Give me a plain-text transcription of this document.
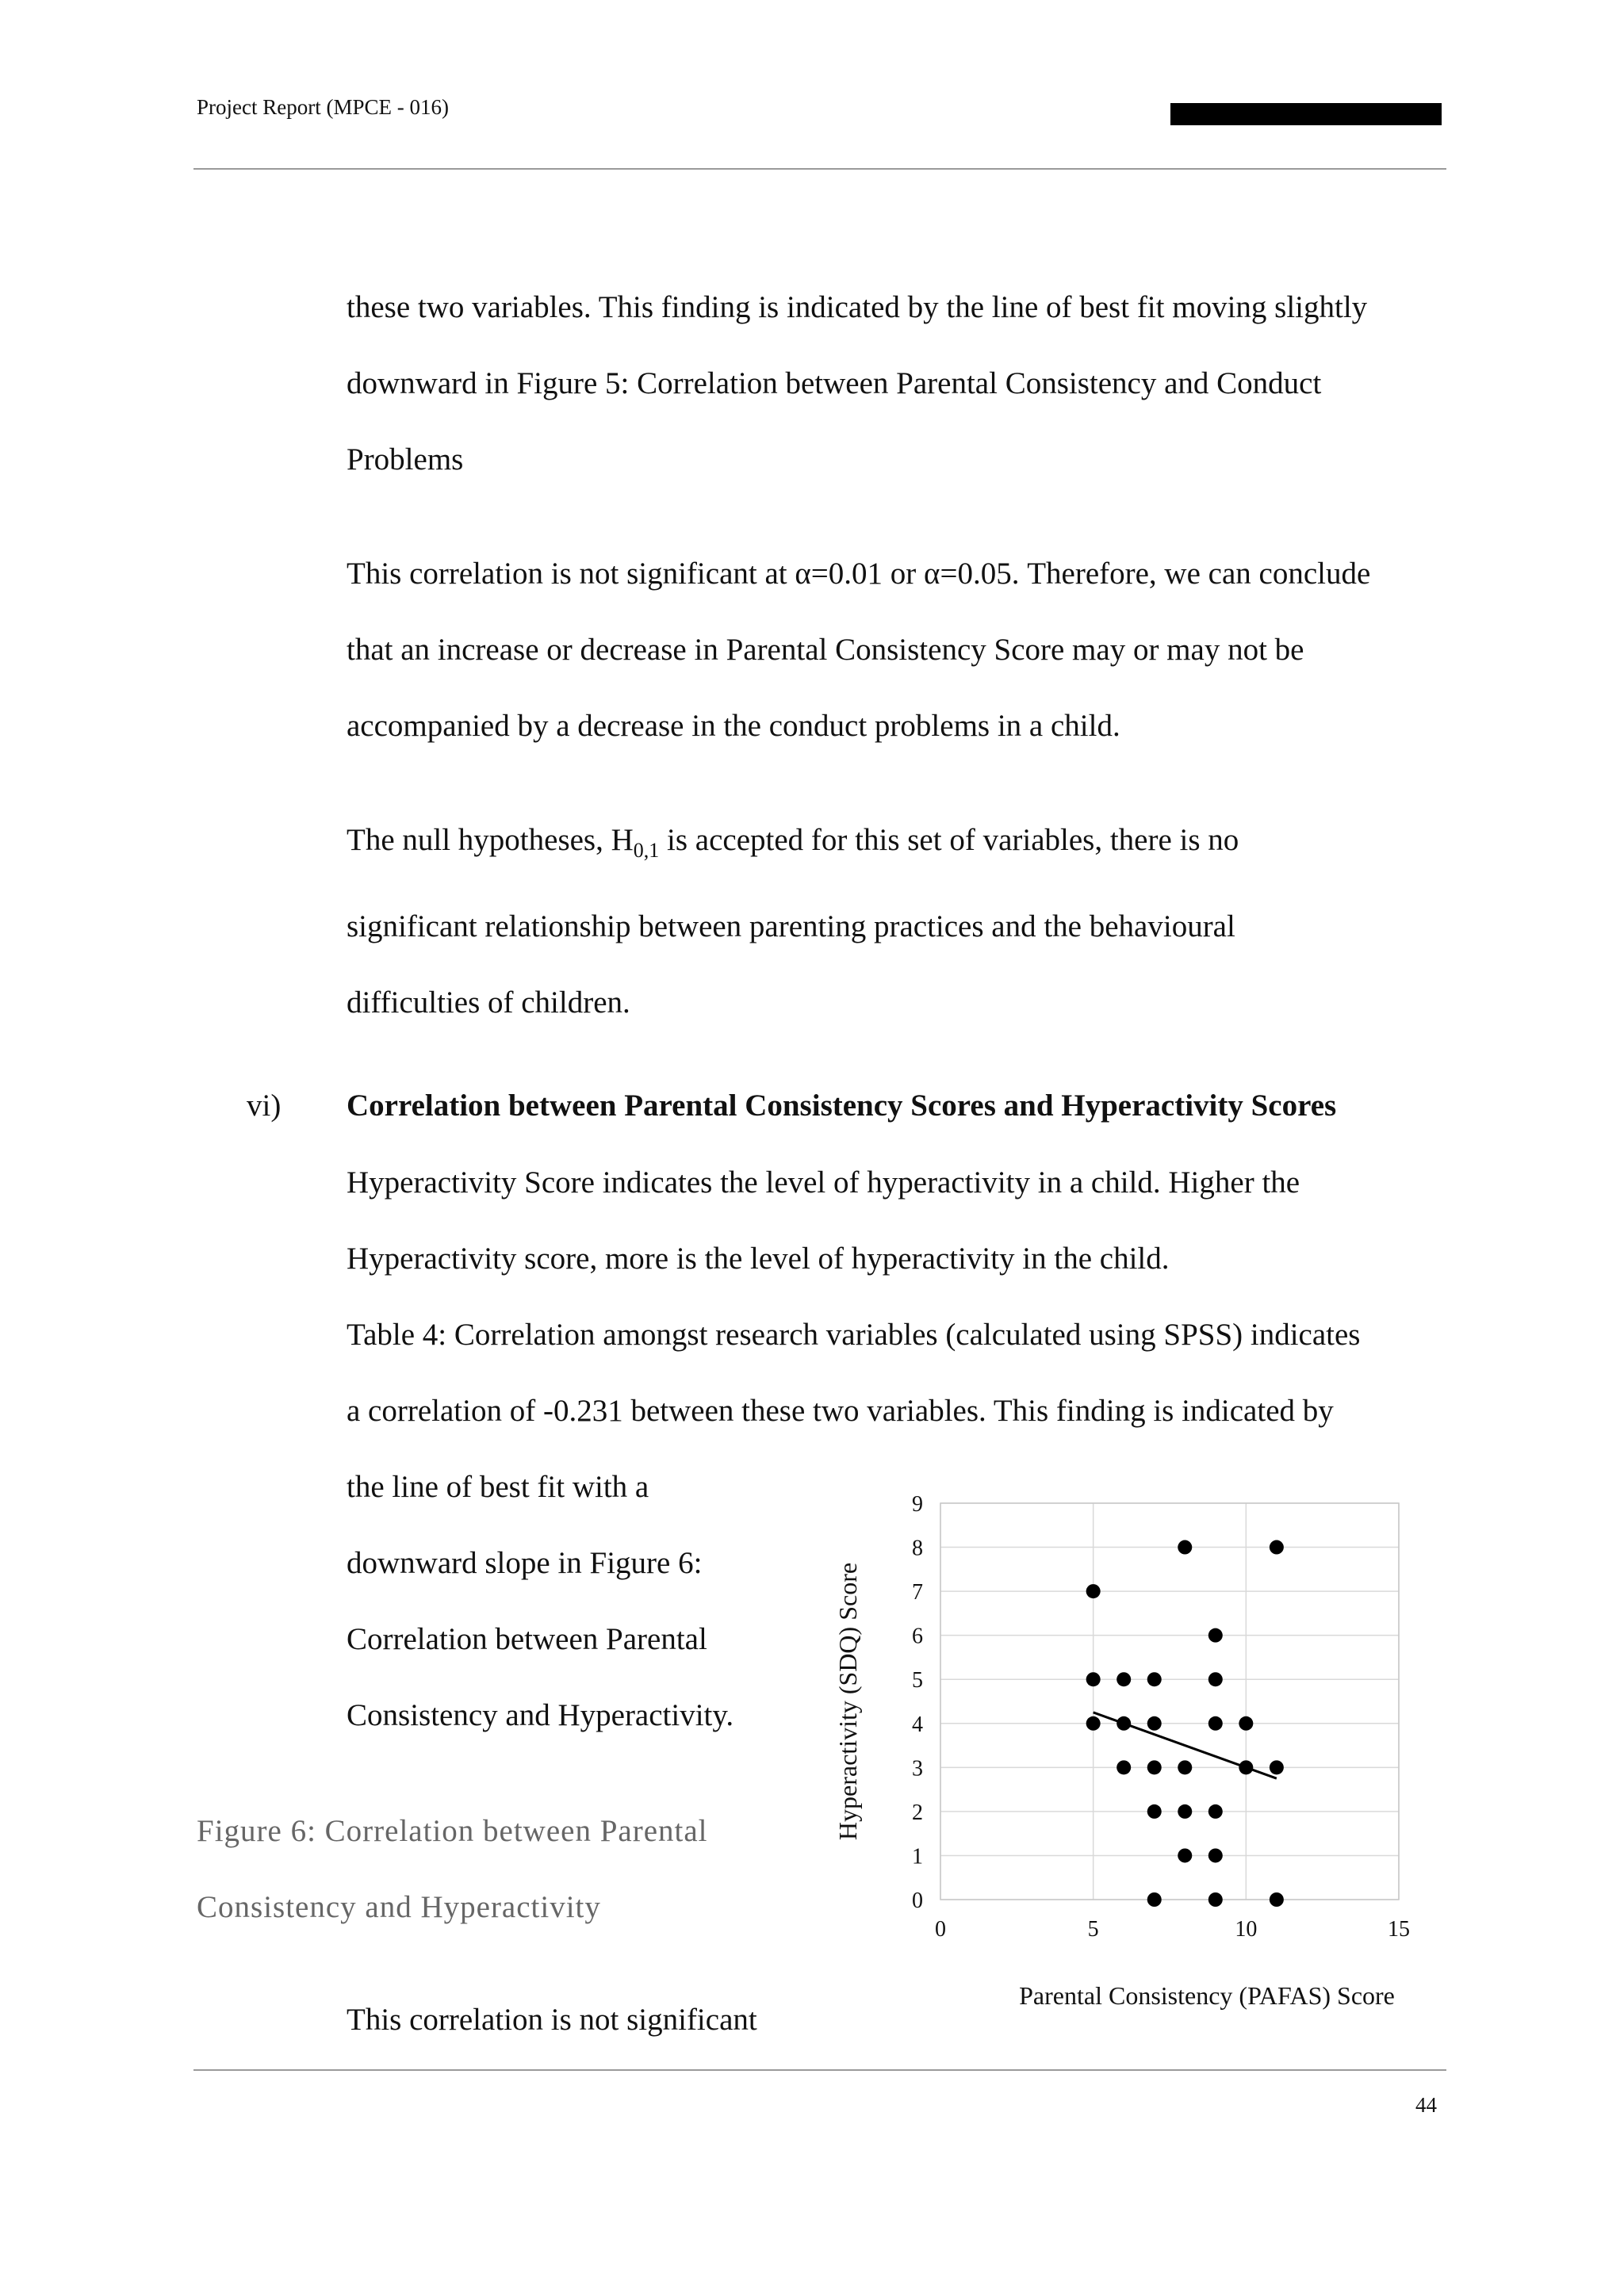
Project Report (MPCE - 016)
these two variables. This finding is indicated by the line of best fit moving slightly
downward in Figure 5: Correlation between Parental Consistency and Conduct
Problems
This correlation is not significant at α=0.01 or α=0.05. Therefore, we can conclude
that an increase or decrease in Parental Consistency Score may or may not be
accompanied by a decrease in the conduct problems in a child.
The null hypotheses, $H_{0,1}$ is accepted for this set of variables, there is no
significant relationship between parenting practices and the behavioural
difficulties of children.
vi) Correlation between Parental Consistency Scores and Hyperactivity Scores
Hyperactivity Score indicates the level of hyperactivity in a child. Higher the
Hyperactivity score, more is the level of hyperactivity in the child.
Table 4: Correlation amongst research variables (calculated using SPSS) indicates
a correlation of -0.231 between these two variables. This finding is indicated by
the line of best fit with a
downward slope in Figure 6:
Correlation between Parental
Consistency and Hyperactivity.
Figure 6: Correlation between Parental
Consistency and Hyperactivity
This correlation is not significant
0
1
2
3
4
5
6
7
8
9
0	5	10	15
Hyperactivity (SDQ) Score
Parental Consistency (PAFAS) Score
44
